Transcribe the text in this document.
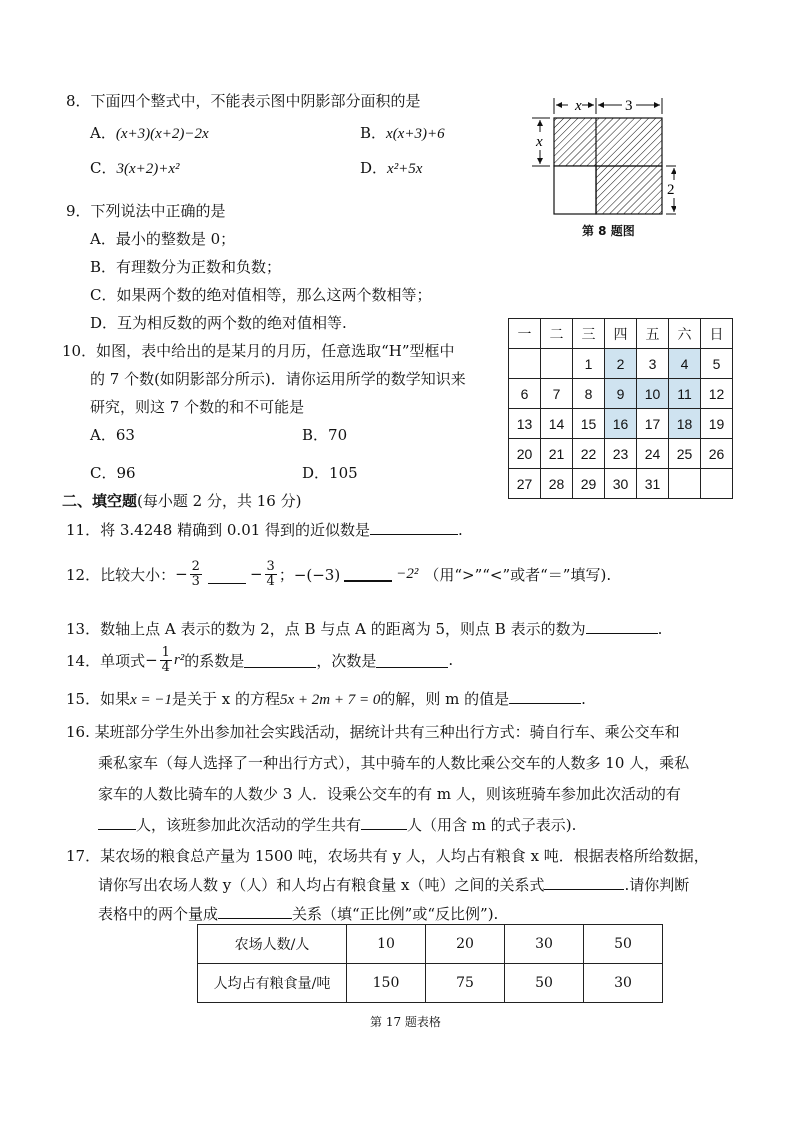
8．下面四个整式中，不能表示图中阴影部分面积的是
A．(x+3)(x+2)−2x	B．x(x+3)+6
C．3(x+2)+x²	D．x²+5x
x	3
x
2
第 8 题图
9．下列说法中正确的是
A．最小的整数是 0；
B．有理数分为正数和负数；
C．如果两个数的绝对值相等，那么这两个数相等；
D．互为相反数的两个数的绝对值相等.
10．如图，表中给出的是某月的月历，任意选取“H”型框中
的 7 个数(如阴影部分所示)．请你运用所学的数学知识来
研究，则这 7 个数的和不可能是
A．63	B．70
C．96	D．105
一	二	三	四	五	六	日
		1	2	3	4	5
6	7	8	9	10	11	12
13	14	15	16	17	18	19
20	21	22	23	24	25	26
27	28	29	30	31		
二、填空题(每小题 2 分，共 16 分)
11．将 3.4248 精确到 0.01 得到的近似数是	.
12．比较大小： − $\frac{2}{3}$	− $\frac{3}{4}$ ；−(−3)	−2² （用“>”“<”或者“＝”填写).
13．数轴上点 A 表示的数为 2，点 B 与点 A 的距离为 5，则点 B 表示的数为	.
14．单项式 − $\frac{1}{4} r^2$ 的系数是	，次数是	.
15．如果x = −1是关于 x 的方程5x + 2m + 7 = 0的解，则 m 的值是	.
16. 某班部分学生外出参加社会实践活动，据统计共有三种出行方式：骑自行车、乘公交车和
乘私家车（每人选择了一种出行方式），其中骑车的人数比乘公交车的人数多 10 人，乘私
家车的人数比骑车的人数少 3 人．设乘公交车的有 m 人，则该班骑车参加此次活动的有
人，该班参加此次活动的学生共有	人（用含 m 的式子表示).
17．某农场的粮食总产量为 1500 吨，农场共有 y 人，人均占有粮食 x 吨．根据表格所给数据，
请你写出农场人数 y（人）和人均占有粮食量 x（吨）之间的关系式	.请你判断
表格中的两个量成	关系（填“正比例”或“反比例”).
农场人数/人	10	20	30	50
人均占有粮食量/吨	150	75	50	30
第 17 题表格
